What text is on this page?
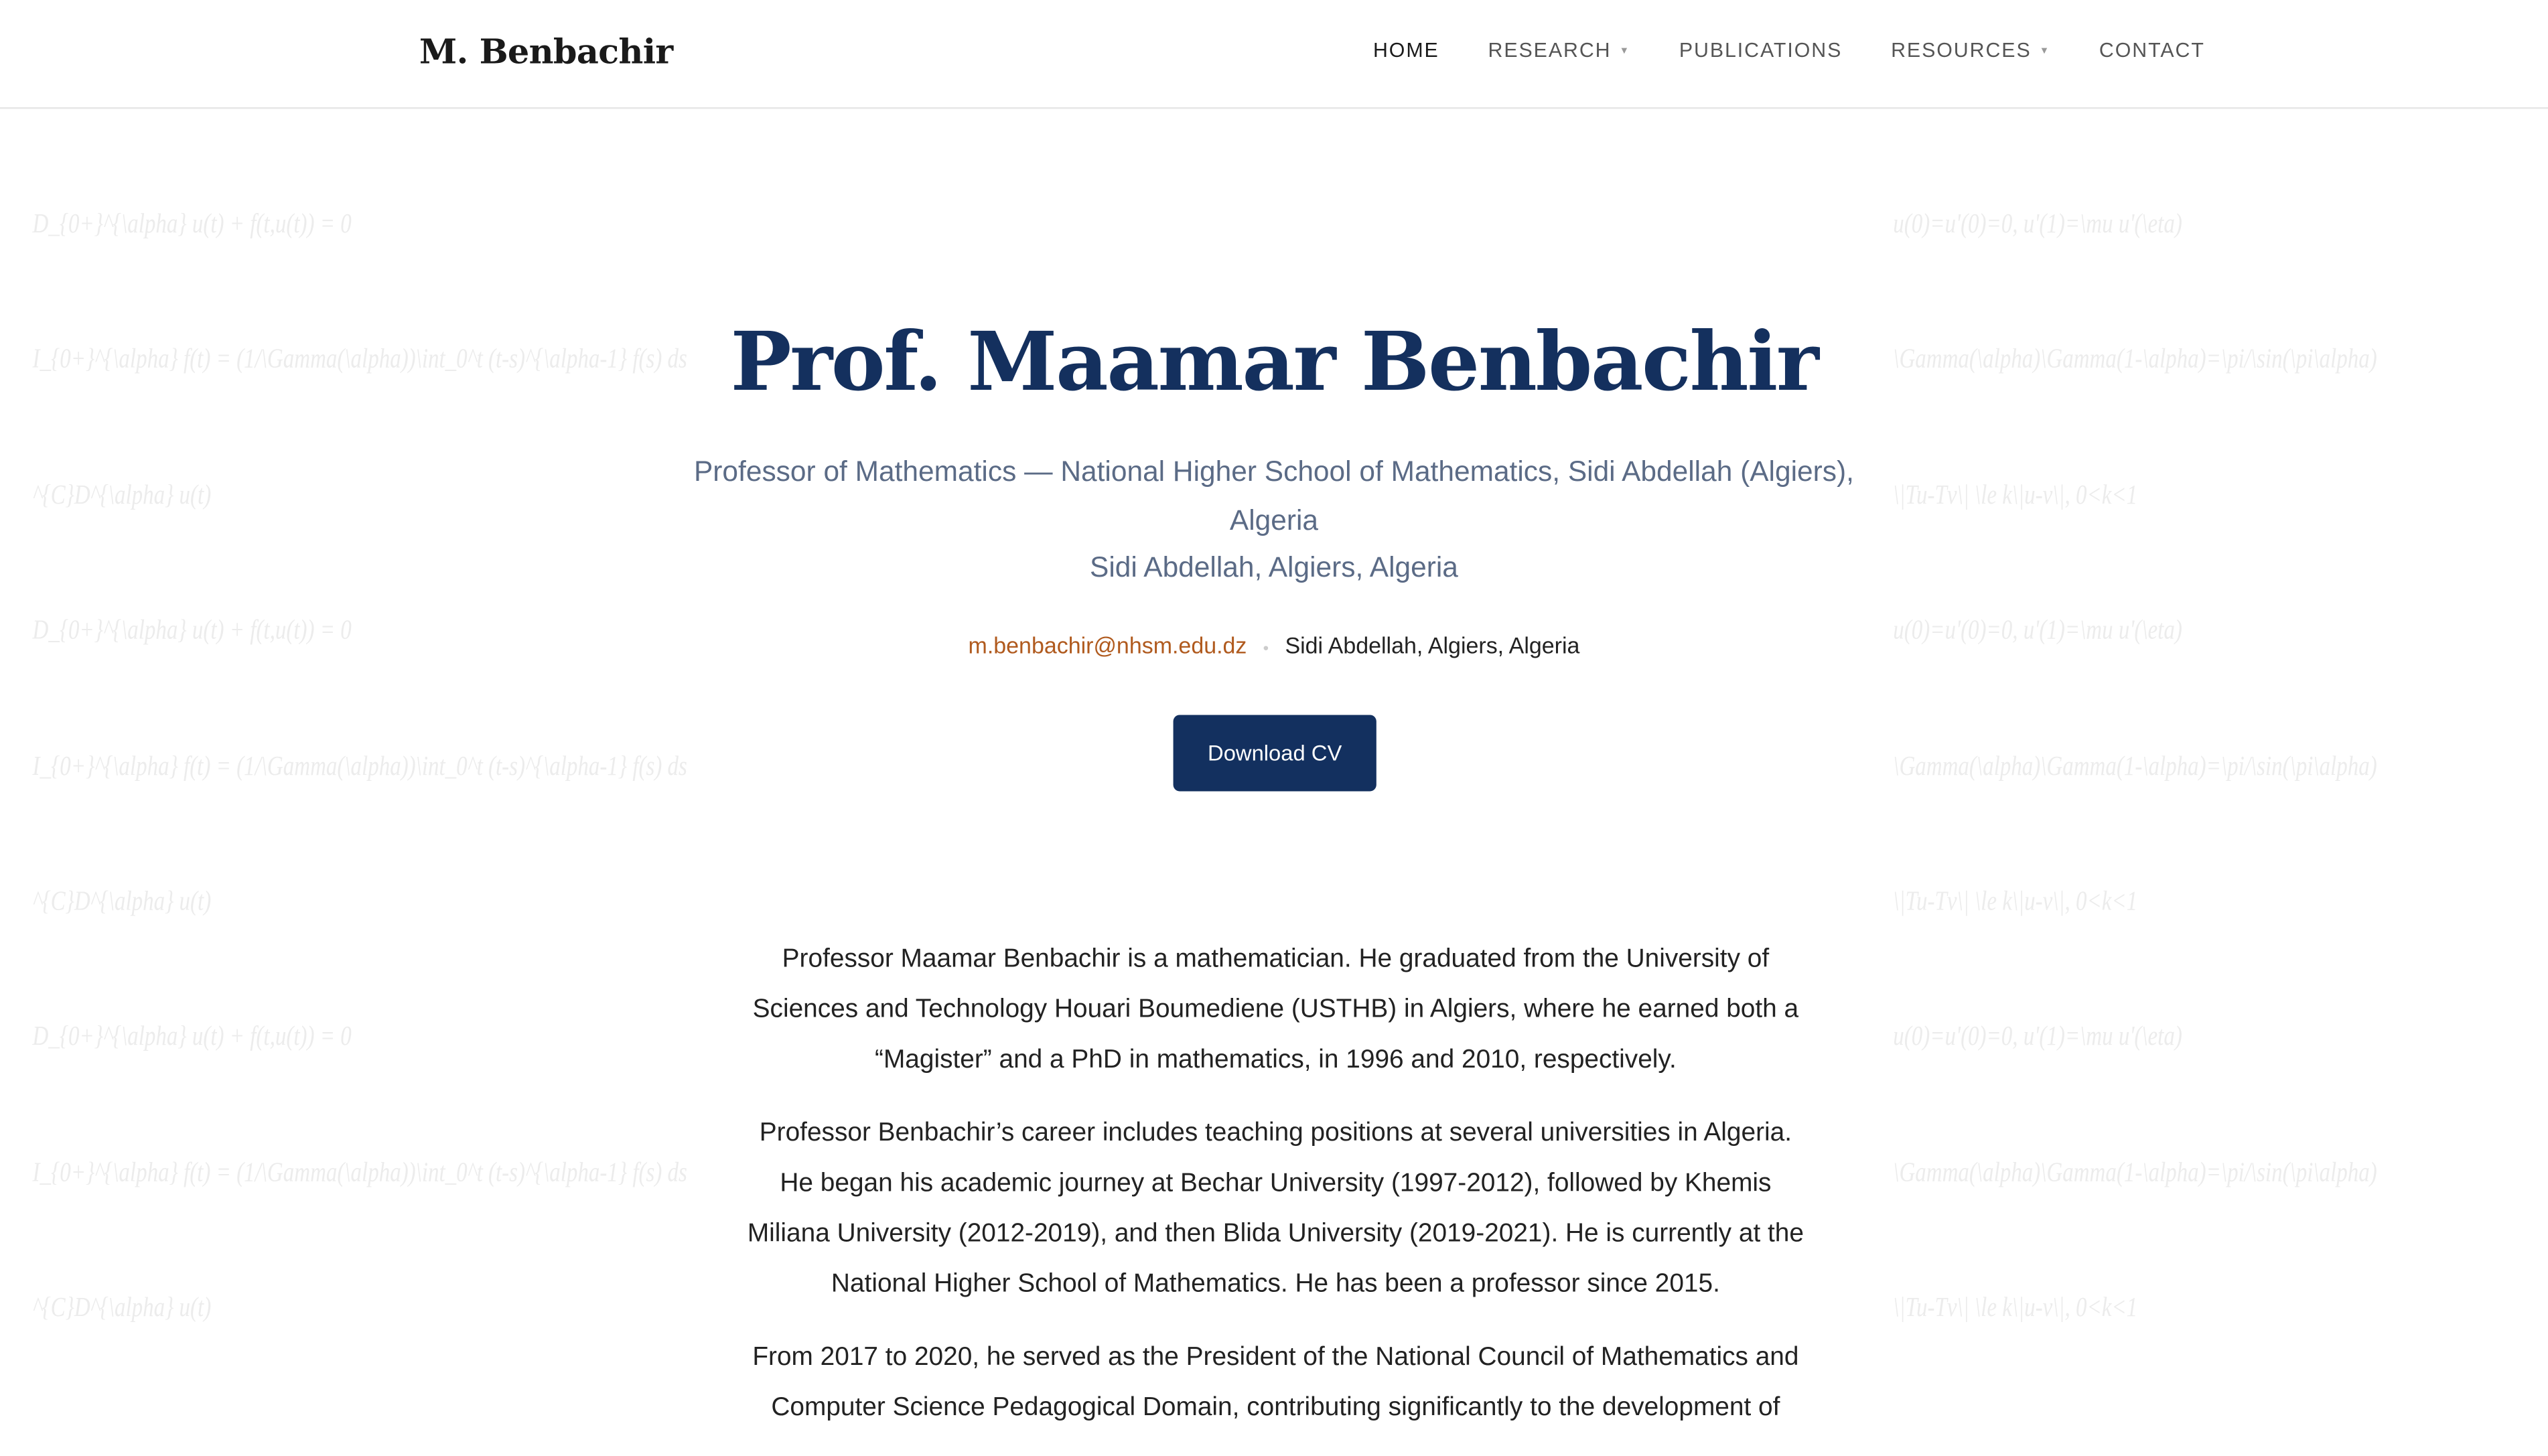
M. Benbachir	HOME	RESEARCH ▼	PUBLICATIONS	RESOURCES ▼	CONTACT
D_{0+}^{\alpha} u(t) + f(t,u(t)) = 0	u(0)=u'(0)=0, u'(1)=\mu u'(\eta)
I_{0+}^{\alpha} f(t) = (1/\Gamma(\alpha))\int_0^t (t-s)^{\alpha-1} f(s) ds	\Gamma(\alpha)\Gamma(1-\alpha)=\pi/\sin(\pi\alpha)
^{C}D^{\alpha} u(t)	\|Tu-Tv\| \le k\|u-v\|, 0<k<1
D_{0+}^{\alpha} u(t) + f(t,u(t)) = 0	u(0)=u'(0)=0, u'(1)=\mu u'(\eta)
I_{0+}^{\alpha} f(t) = (1/\Gamma(\alpha))\int_0^t (t-s)^{\alpha-1} f(s) ds	\Gamma(\alpha)\Gamma(1-\alpha)=\pi/\sin(\pi\alpha)
^{C}D^{\alpha} u(t)	\|Tu-Tv\| \le k\|u-v\|, 0<k<1
D_{0+}^{\alpha} u(t) + f(t,u(t)) = 0	u(0)=u'(0)=0, u'(1)=\mu u'(\eta)
I_{0+}^{\alpha} f(t) = (1/\Gamma(\alpha))\int_0^t (t-s)^{\alpha-1} f(s) ds	\Gamma(\alpha)\Gamma(1-\alpha)=\pi/\sin(\pi\alpha)
^{C}D^{\alpha} u(t)	\|Tu-Tv\| \le k\|u-v\|, 0<k<1
Prof. Maamar Benbachir
Professor of Mathematics — National Higher School of Mathematics, Sidi Abdellah (Algiers), Algeria
Sidi Abdellah, Algiers, Algeria
m.benbachir@nhsm.edu.dz • Sidi Abdellah, Algiers, Algeria
Download CV

Professor Maamar Benbachir is a mathematician. He graduated from the University of Sciences and Technology Houari Boumediene (USTHB) in Algiers, where he earned both a “Magister” and a PhD in mathematics, in 1996 and 2010, respectively.

Professor Benbachir’s career includes teaching positions at several universities in Algeria. He began his academic journey at Bechar University (1997-2012), followed by Khemis Miliana University (2012-2019), and then Blida University (2019-2021). He is currently at the National Higher School of Mathematics. He has been a professor since 2015.

From 2017 to 2020, he served as the President of the National Council of Mathematics and Computer Science Pedagogical Domain, contributing significantly to the development of
